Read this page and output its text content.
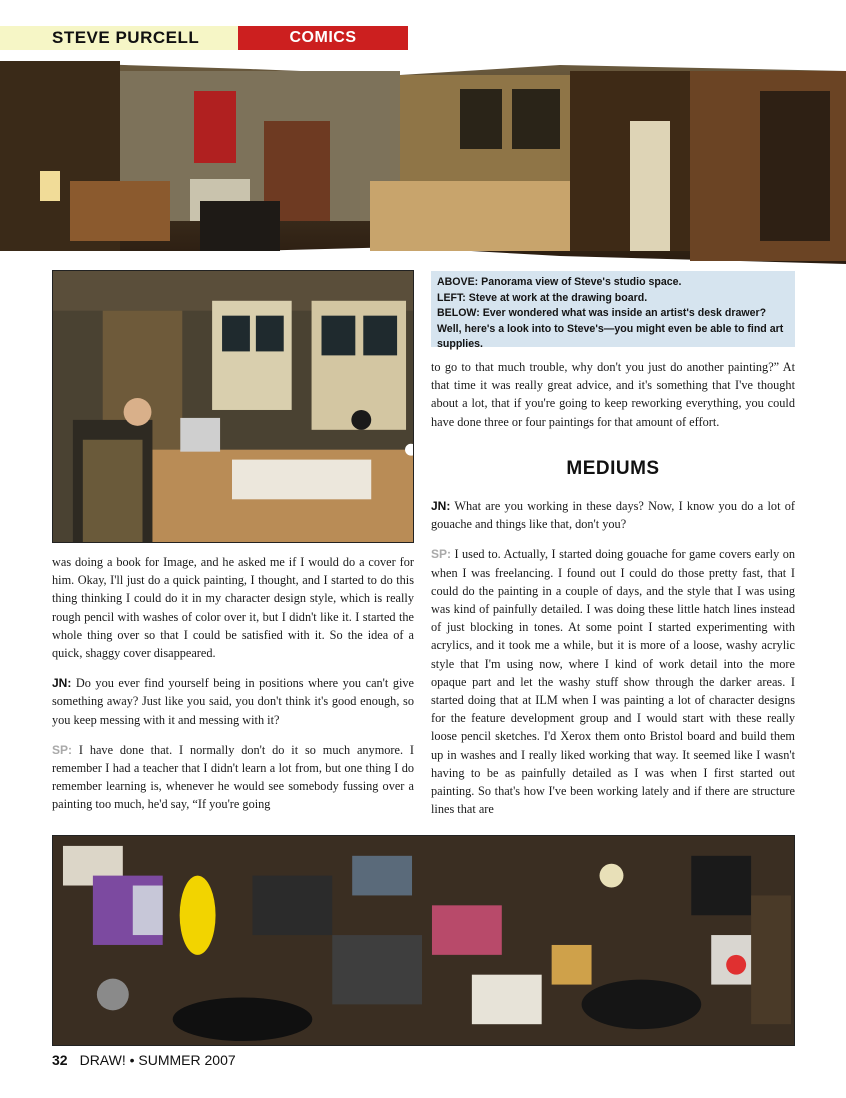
STEVE PURCELL	COMICS
ABOVE: Panorama view of Steve's studio space.
LEFT: Steve at work at the drawing board.
BELOW: Ever wondered what was inside an artist's desk drawer? Well, here's a look into to Steve's—you might even be able to find art supplies.

was doing a book for Image, and he asked me if I would do a cover for him. Okay, I'll just do a quick painting, I thought, and I started to do this thing thinking I could do it in my character design style, which is really rough pencil with washes of color over it, but I didn't like it. I started the whole thing over so that I could be satisfied with it. So the idea of a quick, shaggy cover disappeared.

JN: Do you ever find yourself being in positions where you can't give something away? Just like you said, you don't think it's good enough, so you keep messing with it and messing with it?

SP: I have done that. I normally don't do it so much anymore. I remember I had a teacher that I didn't learn a lot from, but one thing I do remember learning is, whenever he would see somebody fussing over a painting too much, he'd say, “If you're going

to go to that much trouble, why don't you just do another painting?” At that time it was really great advice, and it's something that I've thought about a lot, that if you're going to keep reworking everything, you could have done three or four paintings for that amount of effort.

MEDIUMS

JN: What are you working in these days? Now, I know you do a lot of gouache and things like that, don't you?

SP: I used to. Actually, I started doing gouache for game covers early on when I was freelancing. I found out I could do those pretty fast, that I could do the painting in a couple of days, and the style that I was using was kind of painfully detailed. I was doing these little hatch lines instead of just blocking in tones. At some point I started experimenting with acrylics, and it took me a while, but it is more of a loose, washy acrylic style that I'm using now, where I kind of work detail into the more opaque part and let the washy stuff show through the darker areas. I started doing that at ILM when I was painting a lot of character designs for the feature development group and I would start with these really loose pencil sketches. I'd Xerox them onto Bristol board and build them up in washes and I really liked working that way. It seemed like I wasn't having to be as painfully detailed as I was when I first started out painting. So that's how I've been working lately and if there are structure lines that are

32 DRAW! • SUMMER 2007
